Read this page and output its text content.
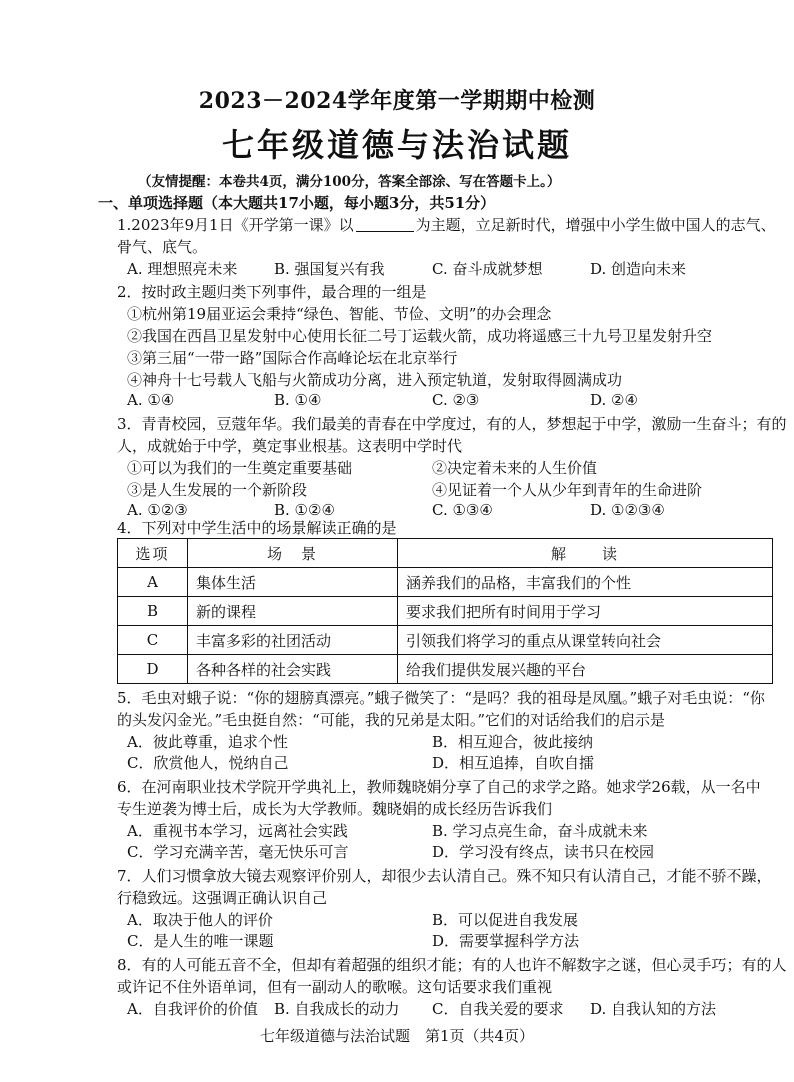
2023－2024学年度第一学期期中检测
七年级道德与法治试题
（友情提醒：本卷共4页，满分100分，答案全部涂、写在答题卡上。）
一、单项选择题（本大题共17小题，每小题3分，共51分）
1.2023年9月1日《开学第一课》以	为主题，立足新时代，增强中小学生做中国人的志气、
骨气、底气。
A. 理想照亮未来 B. 强国复兴有我	C. 奋斗成就梦想	D. 创造向未来
2．按时政主题归类下列事件，最合理的一组是
①杭州第19届亚运会秉持“绿色、智能、节俭、文明”的办会理念
②我国在西昌卫星发射中心使用长征二号丁运载火箭，成功将遥感三十九号卫星发射升空
③第三届“一带一路”国际合作高峰论坛在北京举行
④神舟十七号载人飞船与火箭成功分离，进入预定轨道，发射取得圆满成功
A. ①④	B. ①④	C. ②③	D. ②④
3．青青校园，豆蔻年华。我们最美的青春在中学度过，有的人，梦想起于中学，激励一生奋斗；有的
人，成就始于中学，奠定事业根基。这表明中学时代
①可以为我们的一生奠定重要基础	②决定着未来的人生价值
③是人生发展的一个新阶段	④见证着一个人从少年到青年的生命进阶
A. ①②③	B. ①②④	C. ①③④	D. ①②③④
4．下列对中学生活中的场景解读正确的是
选项	场　景	解　　读
A	集体生活	涵养我们的品格，丰富我们的个性
B	新的课程	要求我们把所有时间用于学习
C	丰富多彩的社团活动	引领我们将学习的重点从课堂转向社会
D	各种各样的社会实践	给我们提供发展兴趣的平台
5．毛虫对蛾子说：“你的翅膀真漂亮。”蛾子微笑了：“是吗？我的祖母是凤凰。”蛾子对毛虫说：“你
的头发闪金光。”毛虫挺自然：“可能，我的兄弟是太阳。”它们的对话给我们的启示是
A．彼此尊重，追求个性	B．相互迎合，彼此接纳
C．欣赏他人，悦纳自己	D．相互追捧，自吹自擂
6．在河南职业技术学院开学典礼上，教师魏晓娟分享了自己的求学之路。她求学26载，从一名中
专生逆袭为博士后，成长为大学教师。魏晓娟的成长经历告诉我们
A．重视书本学习，远离社会实践	B. 学习点亮生命，奋斗成就未来
C．学习充满辛苦，毫无快乐可言	D．学习没有终点，读书只在校园
7．人们习惯拿放大镜去观察评价别人，却很少去认清自己。殊不知只有认清自己，才能不骄不躁，
行稳致远。这强调正确认识自己
A．取决于他人的评价	B．可以促进自我发展
C．是人生的唯一课题	D．需要掌握科学方法
8．有的人可能五音不全，但却有着超强的组织才能；有的人也许不解数字之谜，但心灵手巧；有的人
或许记不住外语单词，但有一副动人的歌喉。这句话要求我们重视
A．自我评价的价值 B. 自我成长的动力 C．自我关爱的要求 D. 自我认知的方法
七年级道德与法治试题　第1页（共4页）
